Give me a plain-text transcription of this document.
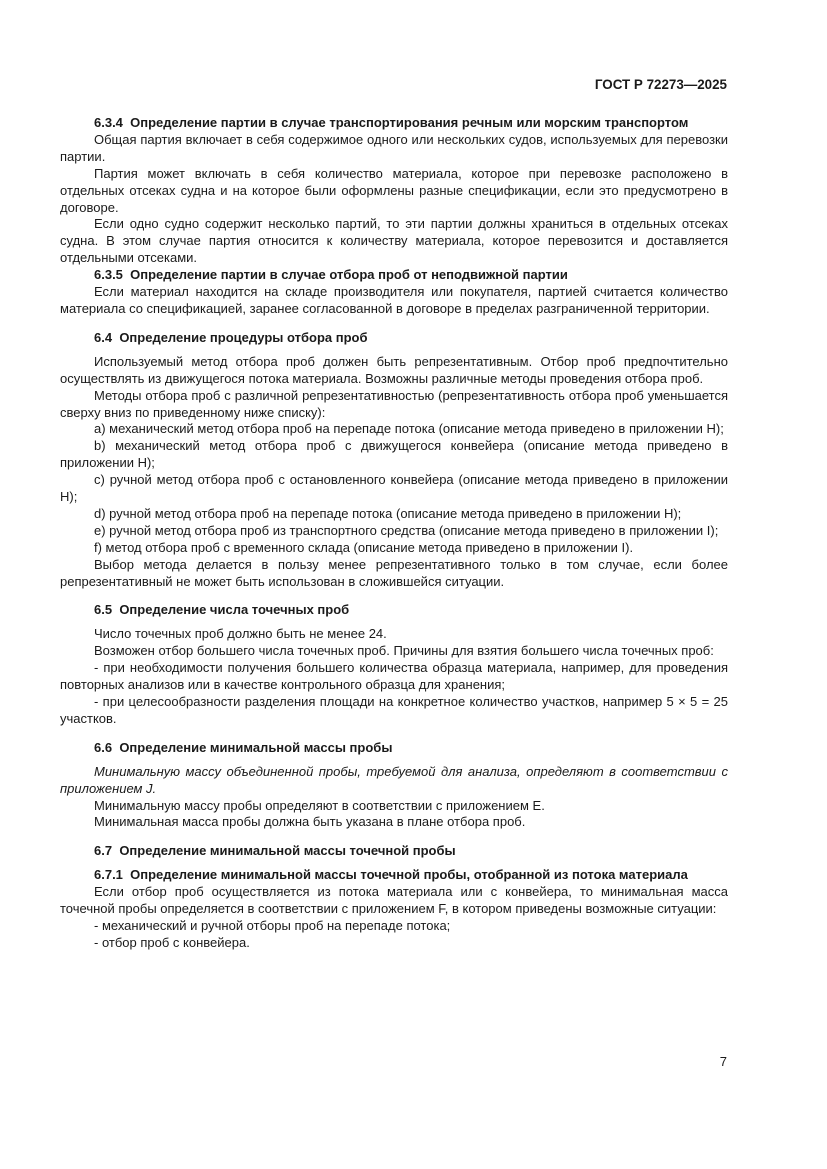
ГОСТ Р 72273—2025

6.3.4 Определение партии в случае транспортирования речным или морским транспортом

Общая партия включает в себя содержимое одного или нескольких судов, используемых для перевозки партии.

Партия может включать в себя количество материала, которое при перевозке расположено в отдельных отсеках судна и на которое были оформлены разные спецификации, если это предусмотрено в договоре.

Если одно судно содержит несколько партий, то эти партии должны храниться в отдельных отсеках судна. В этом случае партия относится к количеству материала, которое перевозится и доставляется отдельными отсеками.

6.3.5 Определение партии в случае отбора проб от неподвижной партии

Если материал находится на складе производителя или покупателя, партией считается количество материала со спецификацией, заранее согласованной в договоре в пределах разграниченной территории.

6.4 Определение процедуры отбора проб

Используемый метод отбора проб должен быть репрезентативным. Отбор проб предпочтительно осуществлять из движущегося потока материала. Возможны различные методы проведения отбора проб.

Методы отбора проб с различной репрезентативностью (репрезентативность отбора проб уменьшается сверху вниз по приведенному ниже списку):

a) механический метод отбора проб на перепаде потока (описание метода приведено в приложении H);

b) механический метод отбора проб с движущегося конвейера (описание метода приведено в приложении H);

c) ручной метод отбора проб с остановленного конвейера (описание метода приведено в приложении H);

d) ручной метод отбора проб на перепаде потока (описание метода приведено в приложении H);

e) ручной метод отбора проб из транспортного средства (описание метода приведено в приложении I);

f) метод отбора проб с временного склада (описание метода приведено в приложении I).

Выбор метода делается в пользу менее репрезентативного только в том случае, если более репрезентативный не может быть использован в сложившейся ситуации.

6.5 Определение числа точечных проб

Число точечных проб должно быть не менее 24.

Возможен отбор большего числа точечных проб. Причины для взятия большего числа точечных проб:

- при необходимости получения большего количества образца материала, например, для проведения повторных анализов или в качестве контрольного образца для хранения;

- при целесообразности разделения площади на конкретное количество участков, например 5 × 5 = 25 участков.

6.6 Определение минимальной массы пробы

Минимальную массу объединенной пробы, требуемой для анализа, определяют в соответствии с приложением J.

Минимальную массу пробы определяют в соответствии с приложением E.

Минимальная масса пробы должна быть указана в плане отбора проб.

6.7 Определение минимальной массы точечной пробы

6.7.1 Определение минимальной массы точечной пробы, отобранной из потока материала

Если отбор проб осуществляется из потока материала или с конвейера, то минимальная масса точечной пробы определяется в соответствии с приложением F, в котором приведены возможные ситуации:

- механический и ручной отборы проб на перепаде потока;

- отбор проб с конвейера.

7
